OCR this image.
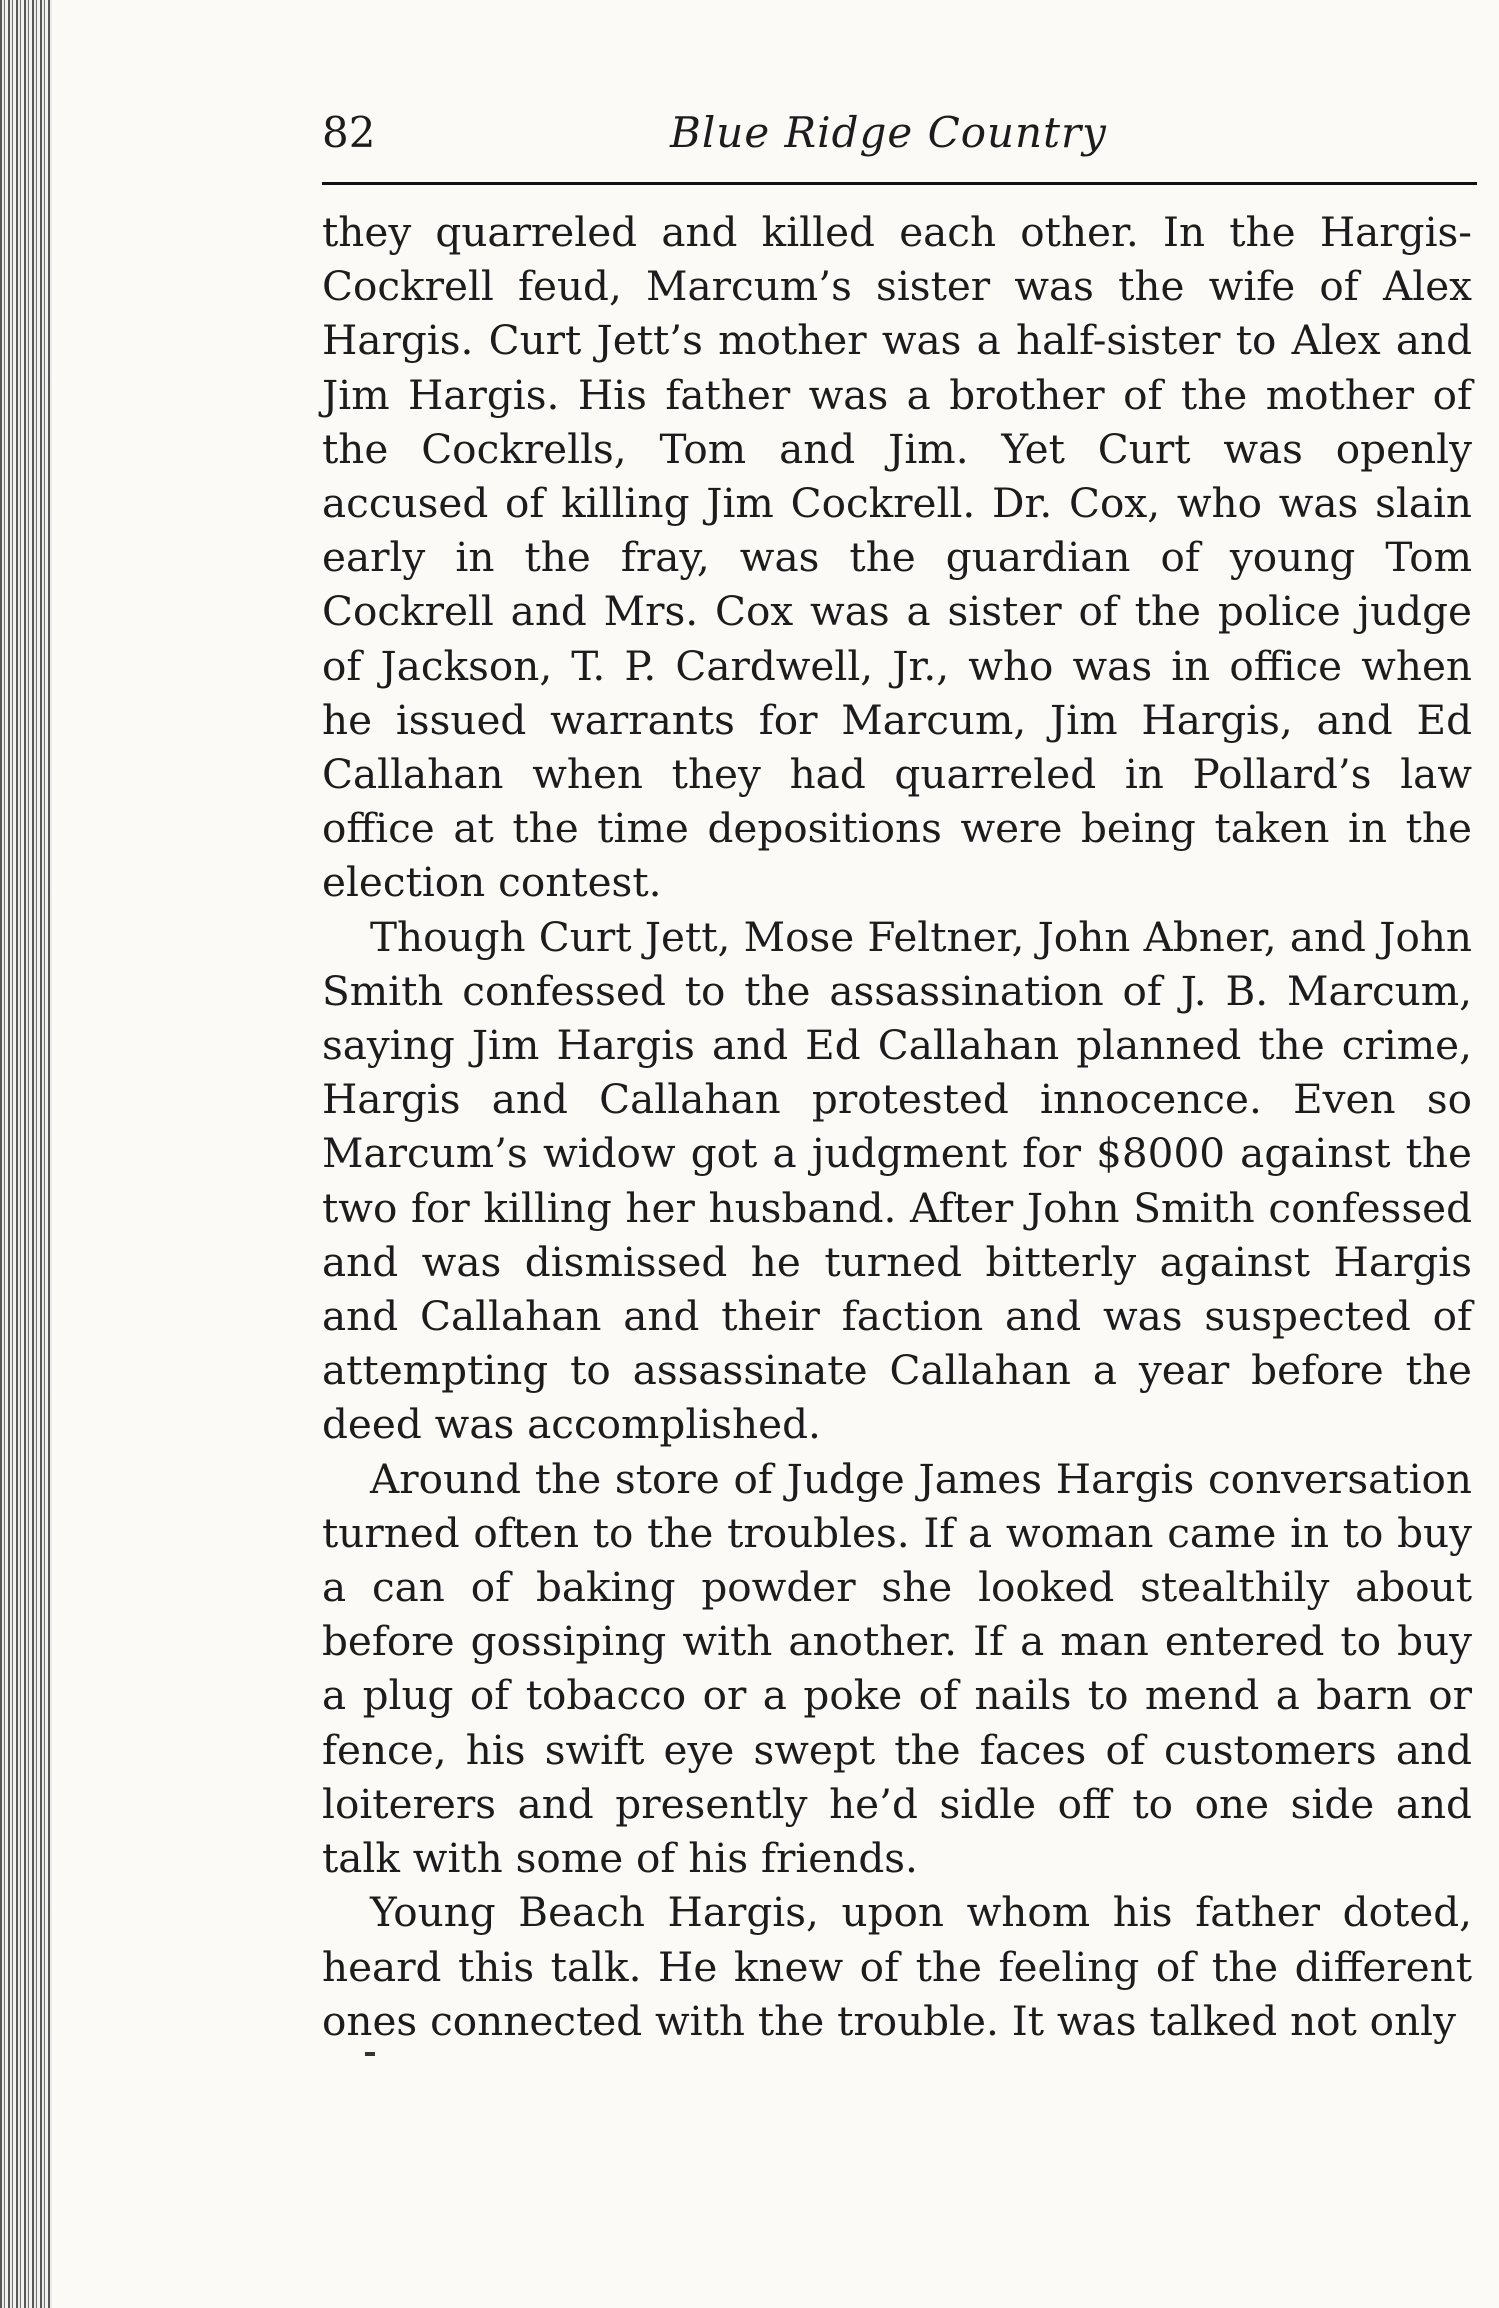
82	Blue Ridge Country

they quarreled and killed each other. In the Hargis-Cockrell feud, Marcum’s sister was the wife of Alex Hargis. Curt Jett’s mother was a half-sister to Alex and Jim Hargis. His father was a brother of the mother of the Cockrells, Tom and Jim. Yet Curt was openly accused of killing Jim Cockrell. Dr. Cox, who was slain early in the fray, was the guardian of young Tom Cockrell and Mrs. Cox was a sister of the police judge of Jackson, T. P. Cardwell, Jr., who was in office when he issued warrants for Marcum, Jim Hargis, and Ed Callahan when they had quarreled in Pollard’s law office at the time depositions were being taken in the election contest.

Though Curt Jett, Mose Feltner, John Abner, and John Smith confessed to the assassination of J. B. Marcum, saying Jim Hargis and Ed Callahan planned the crime, Hargis and Callahan protested innocence. Even so Marcum’s widow got a judgment for $8000 against the two for killing her husband. After John Smith confessed and was dismissed he turned bitterly against Hargis and Callahan and their faction and was suspected of attempting to assassinate Callahan a year before the deed was accomplished.

Around the store of Judge James Hargis conversation turned often to the troubles. If a woman came in to buy a can of baking powder she looked stealthily about before gossiping with another. If a man entered to buy a plug of tobacco or a poke of nails to mend a barn or fence, his swift eye swept the faces of customers and loiterers and presently he’d sidle off to one side and talk with some of his friends.

Young Beach Hargis, upon whom his father doted, heard this talk. He knew of the feeling of the different ones connected with the trouble. It was talked not only
